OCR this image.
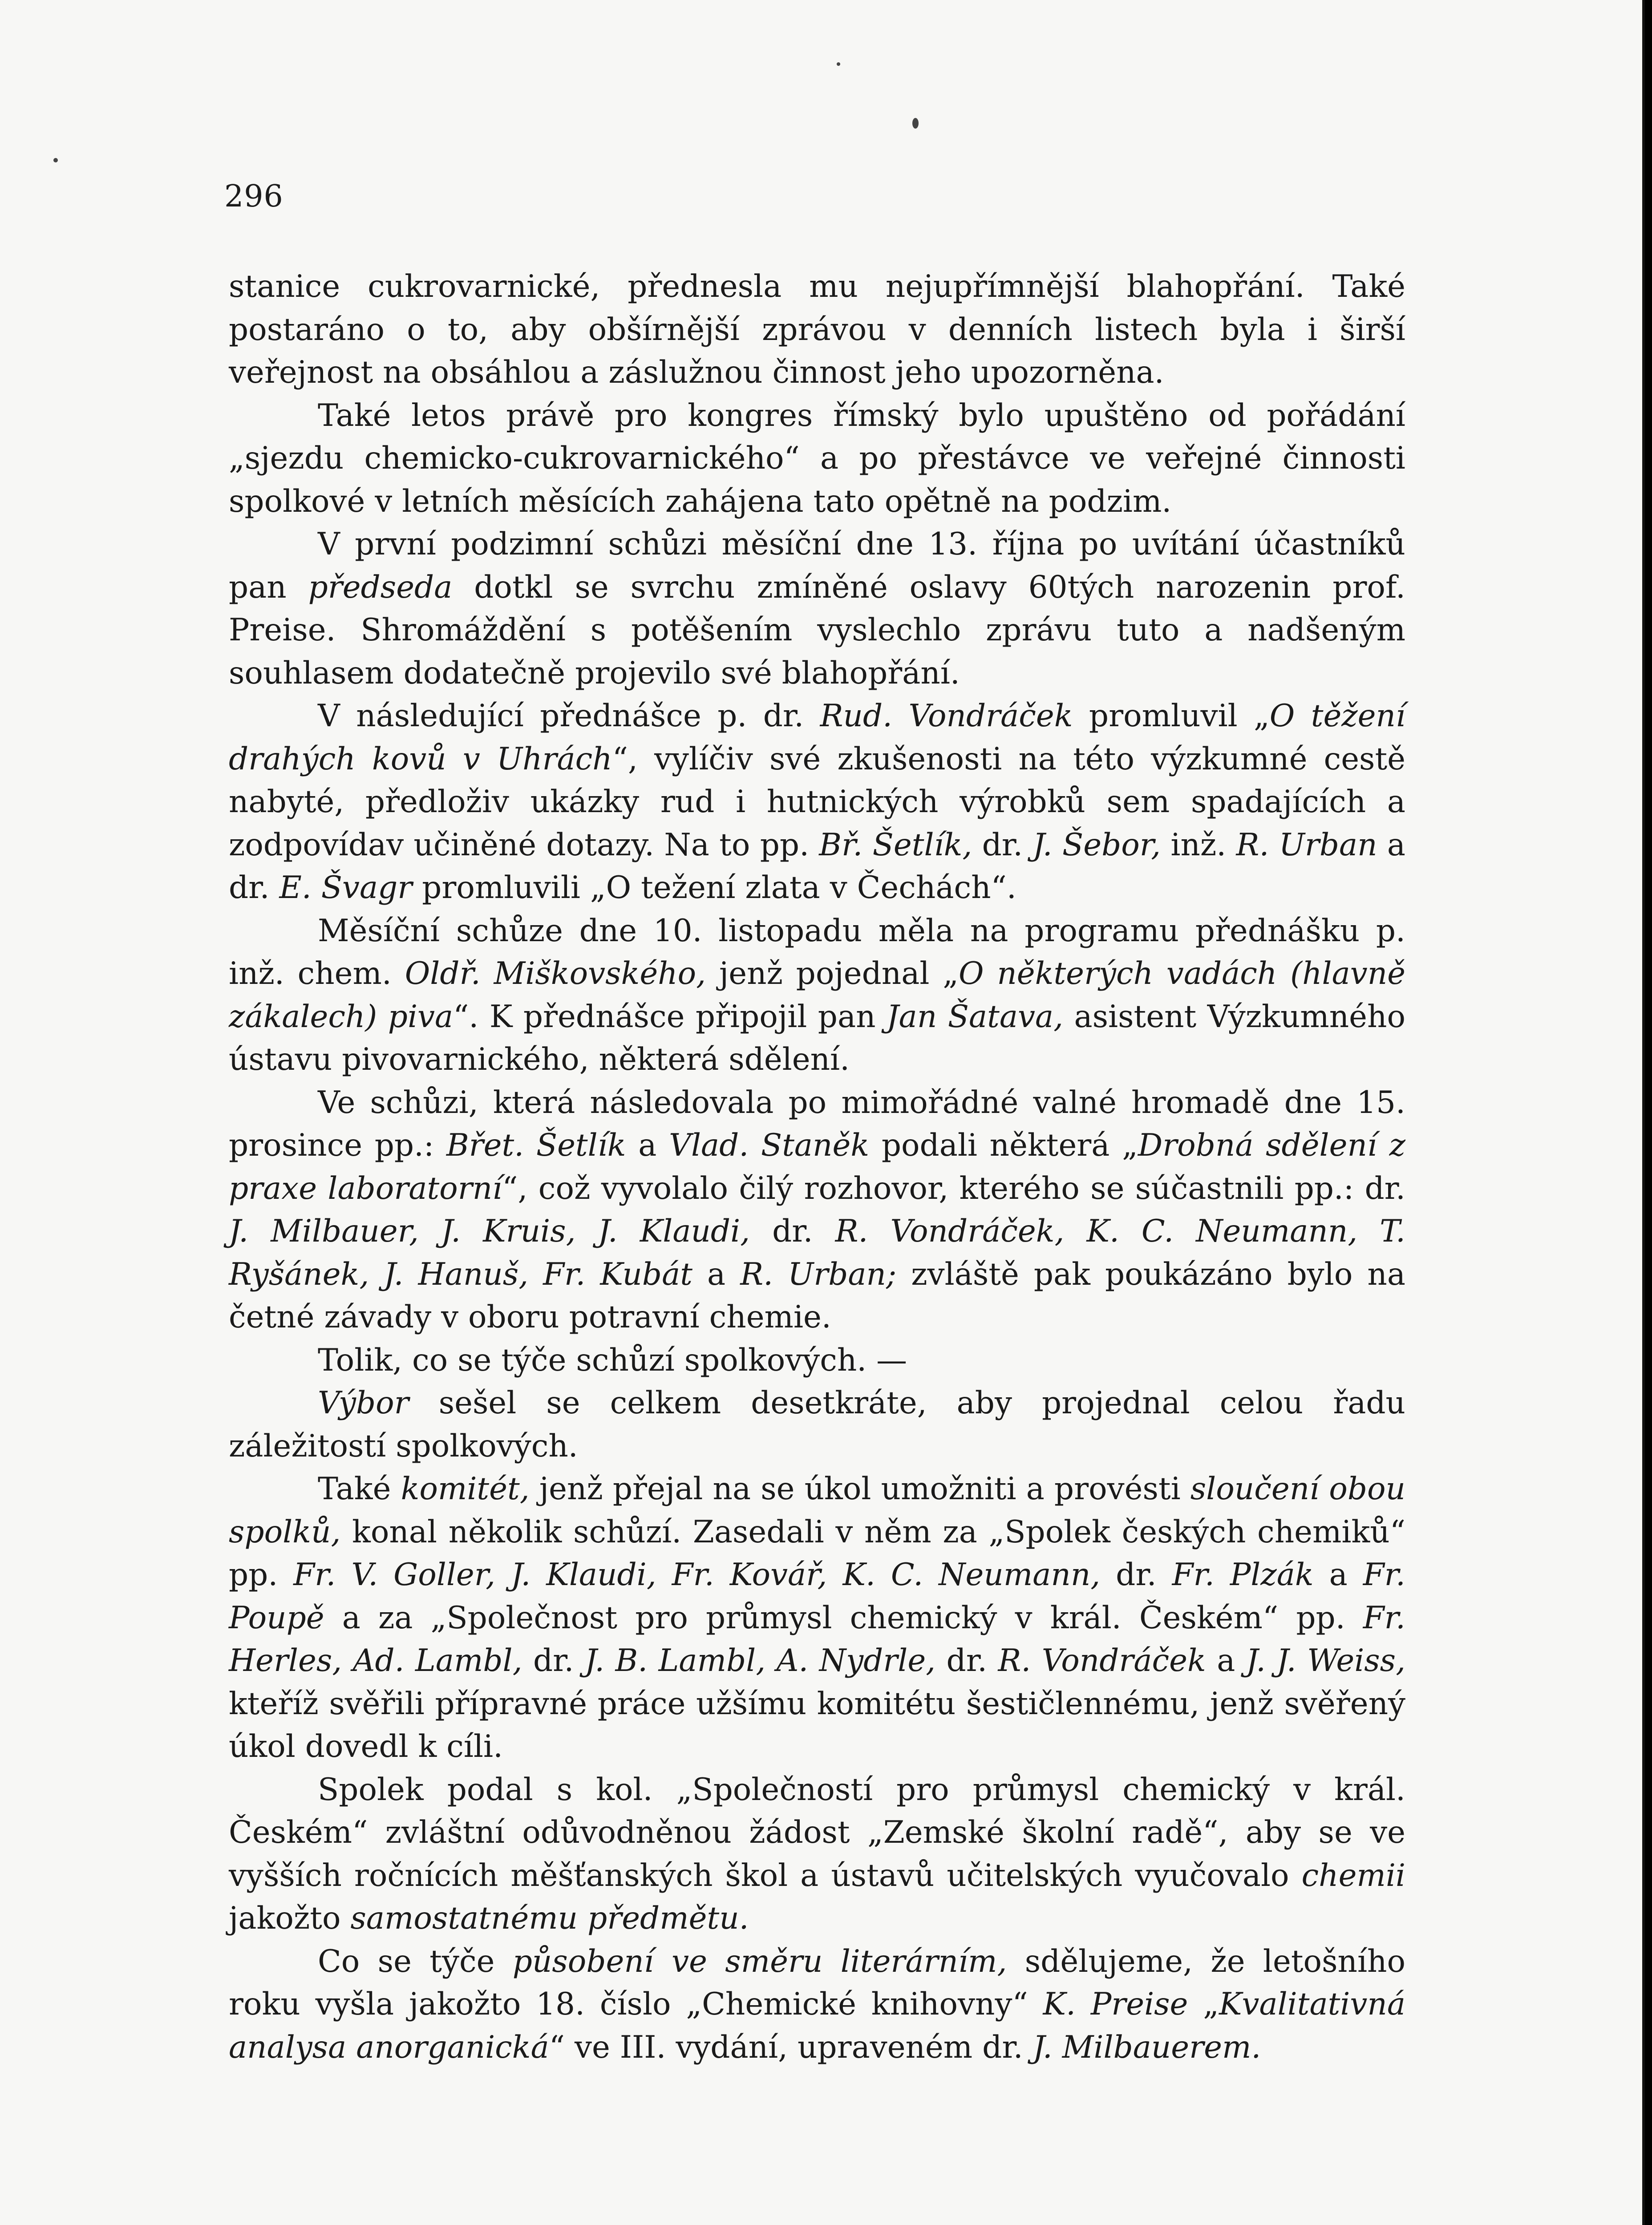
296

stanice cukrovarnické, přednesla mu nejupřímnější blahopřání. Také postaráno o to, aby obšírnější zprávou v denních listech byla i širší veřejnost na obsáhlou a záslužnou činnost jeho upozorněna.

Také letos právě pro kongres římský bylo upuštěno od pořádání „sjezdu chemicko-cukrovarnického“ a po přestávce ve veřejné činnosti spolkové v letních měsících zahájena tato opětně na podzim.

V první podzimní schůzi měsíční dne 13. října po uvítání účastníků pan předseda dotkl se svrchu zmíněné oslavy 60tých narozenin prof. Preise. Shromáždění s potěšením vyslechlo zprávu tuto a nadšeným souhlasem dodatečně projevilo své blahopřání.

V následující přednášce p. dr. Rud. Vondráček promluvil „O těžení drahých kovů v Uhrách“, vylíčiv své zkušenosti na této výzkumné cestě nabyté, předloživ ukázky rud i hutnických výrobků sem spadajících a zodpovídav učiněné dotazy. Na to pp. Bř. Šetlík, dr. J. Šebor, inž. R. Urban a dr. E. Švagr promluvili „O težení zlata v Čechách“.

Měsíční schůze dne 10. listopadu měla na programu přednášku p. inž. chem. Oldř. Miškovského, jenž pojednal „O některých vadách (hlavně zákalech) piva“. K přednášce připojil pan Jan Šatava, asistent Výzkumného ústavu pivovarnického, některá sdělení.

Ve schůzi, která následovala po mimořádné valné hromadě dne 15. prosince pp.: Břet. Šetlík a Vlad. Staněk podali některá „Drobná sdělení z praxe laboratorní“, což vyvolalo čilý rozhovor, kterého se súčastnili pp.: dr. J. Milbauer, J. Kruis, J. Klaudi, dr. R. Vondráček, K. C. Neumann, T. Ryšánek, J. Hanuš, Fr. Kubát a R. Urban; zvláště pak poukázáno bylo na četné závady v oboru potravní chemie.

Tolik, co se týče schůzí spolkových. —

Výbor sešel se celkem desetkráte, aby projednal celou řadu záležitostí spolkových.

Také komitét, jenž přejal na se úkol umožniti a provésti sloučení obou spolků, konal několik schůzí. Zasedali v něm za „Spolek českých chemiků“ pp. Fr. V. Goller, J. Klaudi, Fr. Kovář, K. C. Neumann, dr. Fr. Plzák a Fr. Poupě a za „Společnost pro průmysl chemický v král. Českém“ pp. Fr. Herles, Ad. Lambl, dr. J. B. Lambl, A. Nydrle, dr. R. Vondráček a J. J. Weiss, kteříž svěřili přípravné práce užšímu komitétu šestičlennému, jenž svěřený úkol dovedl k cíli.

Spolek podal s kol. „Společností pro průmysl chemický v král. Českém“ zvláštní odůvodněnou žádost „Zemské školní radě“, aby se ve vyšších ročnících měšťanských škol a ústavů učitelských vyučovalo chemii jakožto samostatnému předmětu.

Co se týče působení ve směru literárním, sdělujeme, že letošního roku vyšla jakožto 18. číslo „Chemické knihovny“ K. Preise „Kvalitativná analysa anorganická“ ve III. vydání, upraveném dr. J. Milbauerem.
